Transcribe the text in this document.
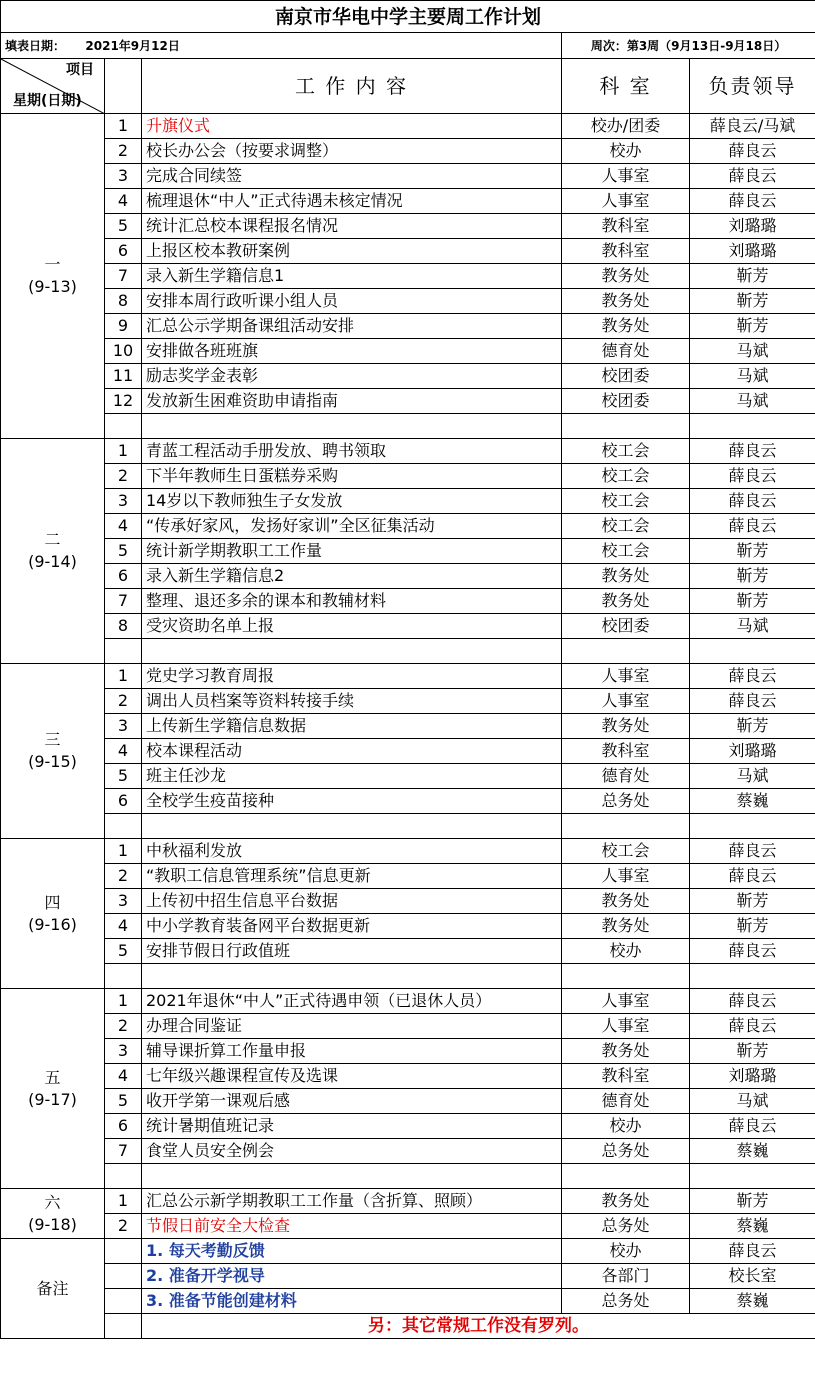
南京市华电中学主要周工作计划				
填表日期： 2021年9月12日			周次：第3周（9月13日-9月18日）	

项目
星期(日期)		工 作 内 容	科 室	负责领导

一
(9-13)	1	升旗仪式	校办/团委	薛良云/马斌
	2	校长办公会（按要求调整）	校办	薛良云
	3	完成合同续签	人事室	薛良云
	4	梳理退休“中人”正式待遇未核定情况	人事室	薛良云
	5	统计汇总校本课程报名情况	教科室	刘璐璐
	6	上报区校本教研案例	教科室	刘璐璐
	7	录入新生学籍信息1	教务处	靳芳
	8	安排本周行政听课小组人员	教务处	靳芳
	9	汇总公示学期备课组活动安排	教务处	靳芳
	10	安排做各班班旗	德育处	马斌
	11	励志奖学金表彰	校团委	马斌
	12	发放新生困难资助申请指南	校团委	马斌

二
(9-14)	1	青蓝工程活动手册发放、聘书领取	校工会	薛良云
	2	下半年教师生日蛋糕券采购	校工会	薛良云
	3	14岁以下教师独生子女发放	校工会	薛良云
	4	“传承好家风，发扬好家训”全区征集活动	校工会	薛良云
	5	统计新学期教职工工作量	校工会	靳芳
	6	录入新生学籍信息2	教务处	靳芳
	7	整理、退还多余的课本和教辅材料	教务处	靳芳
	8	受灾资助名单上报	校团委	马斌

三
(9-15)	1	党史学习教育周报	人事室	薛良云
	2	调出人员档案等资料转接手续	人事室	薛良云
	3	上传新生学籍信息数据	教务处	靳芳
	4	校本课程活动	教科室	刘璐璐
	5	班主任沙龙	德育处	马斌
	6	全校学生疫苗接种	总务处	蔡巍

四
(9-16)	1	中秋福利发放	校工会	薛良云
	2	“教职工信息管理系统”信息更新	人事室	薛良云
	3	上传初中招生信息平台数据	教务处	靳芳
	4	中小学教育装备网平台数据更新	教务处	靳芳
	5	安排节假日行政值班	校办	薛良云

五
(9-17)	1	2021年退休“中人”正式待遇申领（已退休人员）	人事室	薛良云
	2	办理合同鉴证	人事室	薛良云
	3	辅导课折算工作量申报	教务处	靳芳
	4	七年级兴趣课程宣传及选课	教科室	刘璐璐
	5	收开学第一课观后感	德育处	马斌
	6	统计暑期值班记录	校办	薛良云
	7	食堂人员安全例会	总务处	蔡巍

六
(9-18)	1	汇总公示新学期教职工工作量（含折算、照顾）	教务处	靳芳
	2	节假日前安全大检查	总务处	蔡巍

备注		1. 每天考勤反馈	校办	薛良云
		2. 准备开学视导	各部门	校长室
		3. 准备节能创建材料	总务处	蔡巍
		另：其它常规工作没有罗列。		
